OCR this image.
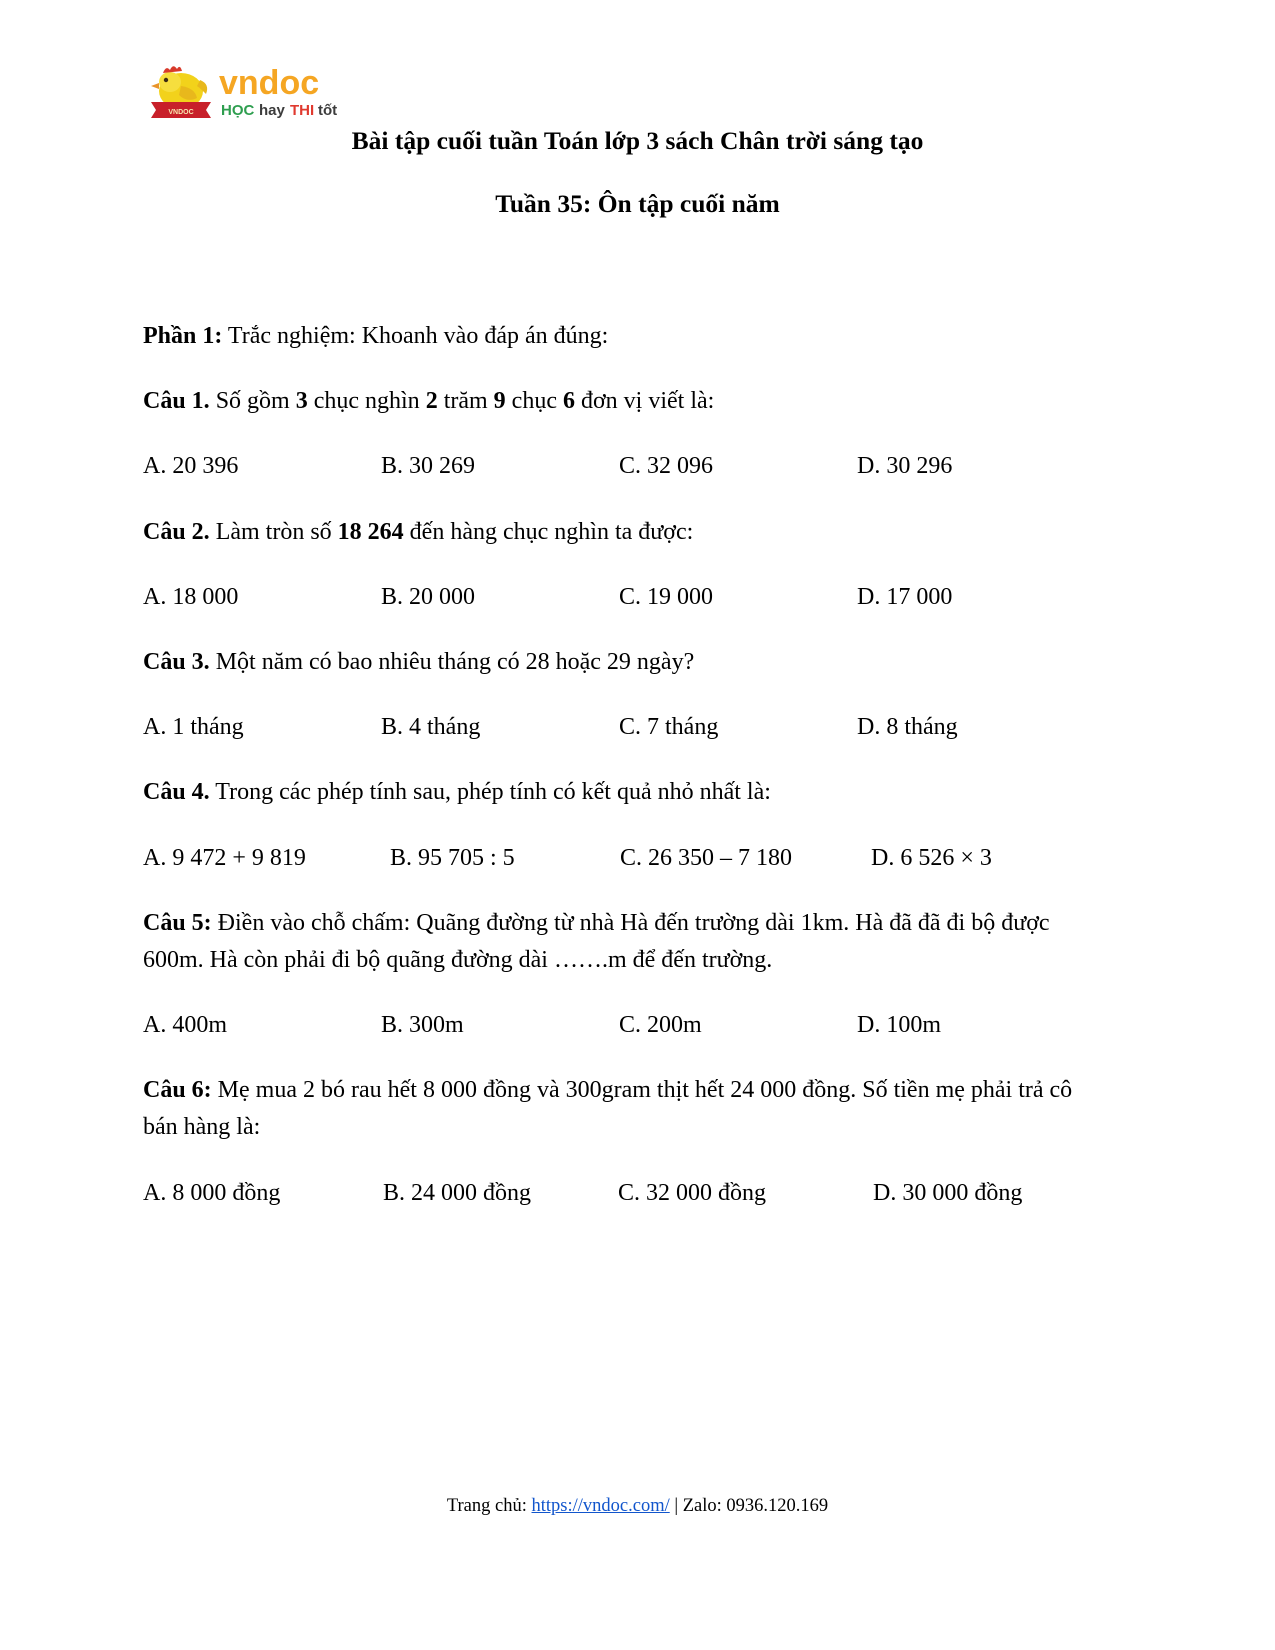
VNDOC
vndoc
HỌC hay THI tốt
Bài tập cuối tuần Toán lớp 3 sách Chân trời sáng tạo
Tuần 35: Ôn tập cuối năm

Phần 1: Trắc nghiệm: Khoanh vào đáp án đúng:

Câu 1. Số gồm 3 chục nghìn 2 trăm 9 chục 6 đơn vị viết là:

A. 20 396	B. 30 269	C. 32 096	D. 30 296

Câu 2. Làm tròn số 18 264 đến hàng chục nghìn ta được:

A. 18 000	B. 20 000	C. 19 000	D. 17 000

Câu 3. Một năm có bao nhiêu tháng có 28 hoặc 29 ngày?

A. 1 tháng	B. 4 tháng	C. 7 tháng	D. 8 tháng

Câu 4. Trong các phép tính sau, phép tính có kết quả nhỏ nhất là:

A. 9 472 + 9 819	B. 95 705 : 5	C. 26 350 – 7 180	D. 6 526 × 3

Câu 5: Điền vào chỗ chấm: Quãng đường từ nhà Hà đến trường dài 1km. Hà đã đã đi bộ được 600m. Hà còn phải đi bộ quãng đường dài …….m để đến trường.

A. 400m	B. 300m	C. 200m	D. 100m

Câu 6: Mẹ mua 2 bó rau hết 8 000 đồng và 300gram thịt hết 24 000 đồng. Số tiền mẹ phải trả cô bán hàng là:

A. 8 000 đồng	B. 24 000 đồng	C. 32 000 đồng	D. 30 000 đồng
Trang chủ: https://vndoc.com/ | Zalo: 0936.120.169
